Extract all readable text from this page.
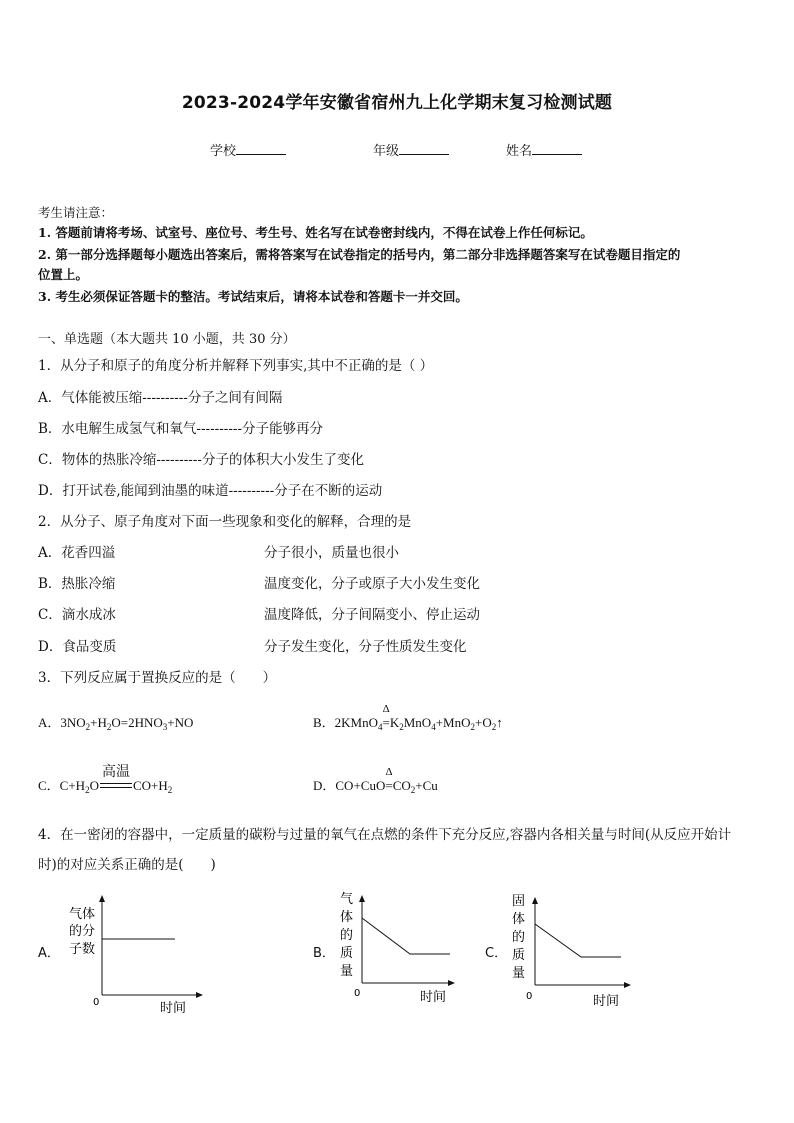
2023-2024学年安徽省宿州九上化学期末复习检测试题
学校	年级	姓名
考生请注意：
1. 答题前请将考场、试室号、座位号、考生号、姓名写在试卷密封线内，不得在试卷上作任何标记。
2. 第一部分选择题每小题选出答案后，需将答案写在试卷指定的括号内，第二部分非选择题答案写在试卷题目指定的
位置上。
3. 考生必须保证答题卡的整洁。考试结束后，请将本试卷和答题卡一并交回。
一、单选题（本大题共 10 小题，共 30 分）
1．从分子和原子的角度分析并解释下列事实,其中不正确的是（ ）
A．气体能被压缩----------分子之间有间隔
B．水电解生成氢气和氧气----------分子能够再分
C．物体的热胀冷缩----------分子的体积大小发生了变化
D．打开试卷,能闻到油墨的味道----------分子在不断的运动
2．从分子、原子角度对下面一些现象和变化的解释，合理的是
A．花香四溢	分子很小，质量也很小
B．热胀冷缩	温度变化，分子或原子大小发生变化
C．滴水成冰	温度降低，分子间隔变小、停止运动
D．食品变质	分子发生变化，分子性质发生变化
3．下列反应属于置换反应的是（　　）
A．$3NO_2+H_2O=2HNO_3+NO$	B．2KMnO$_4$
Δ
$=K_2MnO_4+MnO_2+O_2↑$
C．$C+H_2O$
高温
$CO+H_2$	D．CO+CuO
Δ
$=CO_2+Cu$
4．在一密闭的容器中，一定质量的碳粉与过量的氧气在点燃的条件下充分反应,容器内各相关量与时间(从反应开始计
时)的对应关系正确的是(　　)
A．
气体
的分
子数
0	时间
B．
气
体
的
质
量
0	时间
C．
固
体
的
质
量
0	时间
